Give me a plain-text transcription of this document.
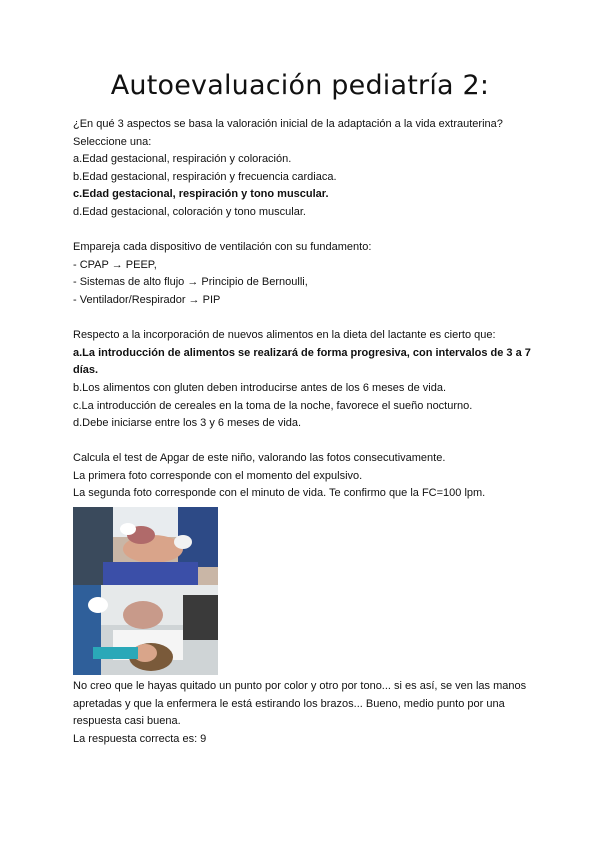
Autoevaluación pediatría 2:

¿En qué 3 aspectos se basa la valoración inicial de la adaptación a la vida extrauterina?

Seleccione una:

a.Edad gestacional, respiración y coloración.

b.Edad gestacional, respiración y frecuencia cardiaca.

c.Edad gestacional, respiración y tono muscular.

d.Edad gestacional, coloración y tono muscular.

Empareja cada dispositivo de ventilación con su fundamento:

- CPAP → PEEP,

- Sistemas de alto flujo → Principio de Bernoulli,

- Ventilador/Respirador → PIP

Respecto a la incorporación de nuevos alimentos en la dieta del lactante es cierto que:

a.La introducción de alimentos se realizará de forma progresiva, con intervalos de 3 a 7

días.

b.Los alimentos con gluten deben introducirse antes de los 6 meses de vida.

c.La introducción de cereales en la toma de la noche, favorece el sueño nocturno.

d.Debe iniciarse entre los 3 y 6 meses de vida.

Calcula el test de Apgar de este niño, valorando las fotos consecutivamente.

La primera foto corresponde con el momento del expulsivo.

La segunda foto corresponde con el minuto de vida. Te confirmo que la FC=100 lpm.

No creo que le hayas quitado un punto por color y otro por tono... si es así, se ven las manos

apretadas y que la enfermera le está estirando los brazos... Bueno, medio punto por una

respuesta casi buena.

La respuesta correcta es: 9
